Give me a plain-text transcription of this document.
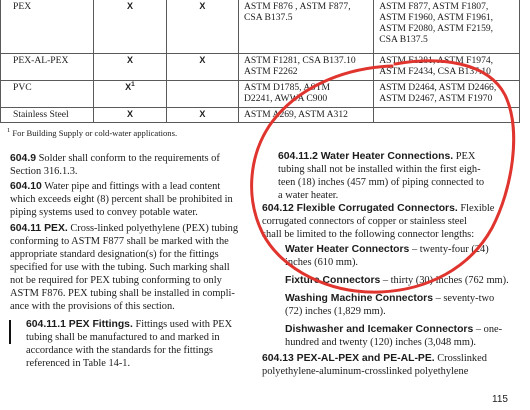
PEX	X	X	ASTM F876 , ASTM F877,
CSA B137.5	ASTM F877, ASTM F1807,
ASTM F1960, ASTM F1961,
ASTM F2080, ASTM F2159,
CSA B137.5

PEX-AL-PEX	X	X	ASTM F1281, CSA B137.10
ASTM F2262	ASTM F1281, ASTM F1974,
ASTM F2434, CSA B137.10

PVC	$X^1$		ASTM D1785, ASTM
D2241, AWWA C900	ASTM D2464, ASTM D2466,
ASTM D2467, ASTM F1970

Stainless Steel	X	X	ASTM A269, ASTM A312	

$^1$ For Building Supply or cold-water applications.
604.9 Solder shall conform to the requirements of
Section 316.1.3.
604.10 Water pipe and fittings with a lead content
which exceeds eight (8) percent shall be prohibited in
piping systems used to convey potable water.
604.11 PEX. Cross-linked polyethylene (PEX) tubing
conforming to ASTM F877 shall be marked with the
appropriate standard designation(s) for the fittings
specified for use with the tubing. Such marking shall
not be required for PEX tubing conforming to only
ASTM F876. PEX tubing shall be installed in compli-
ance with the provisions of this section.
604.11.1 PEX Fittings. Fittings used with PEX
tubing shall be manufactured to and marked in
accordance with the standards for the fittings
referenced in Table 14-1.
604.11.2 Water Heater Connections. PEX
tubing shall not be installed within the first eigh-
teen (18) inches (457 mm) of piping connected to
a water heater.
604.12 Flexible Corrugated Connectors. Flexible
corrugated connectors of copper or stainless steel
shall be limited to the following connector lengths:
Water Heater Connectors – twenty-four (24)
inches (610 mm).
Fixture Connectors – thirty (30) inches (762 mm).
Washing Machine Connectors – seventy-two
(72) inches (1,829 mm).
Dishwasher and Icemaker Connectors – one-
hundred and twenty (120) inches (3,048 mm).
604.13 PEX-AL-PEX and PE-AL-PE. Crosslinked
polyethylene-aluminum-crosslinked polyethylene
115
